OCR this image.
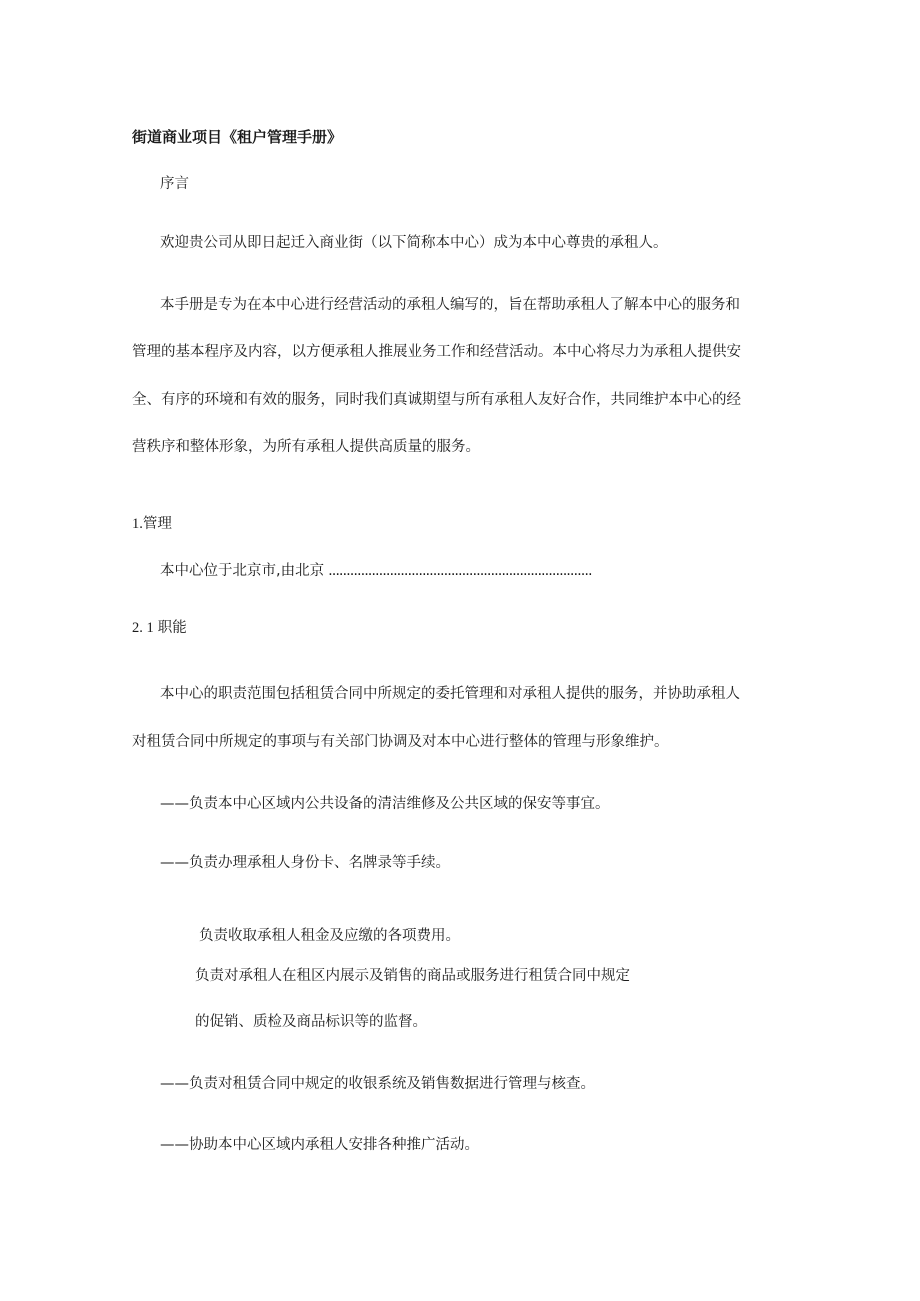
街道商业项目《租户管理手册》

序言

欢迎贵公司从即日起迁入商业街（以下简称本中心）成为本中心尊贵的承租人。

本手册是专为在本中心进行经营活动的承租人编写的，旨在帮助承租人了解本中心的服务和

管理的基本程序及内容，以方便承租人推展业务工作和经营活动。本中心将尽力为承租人提供安

全、有序的环境和有效的服务，同时我们真诚期望与所有承租人友好合作，共同维护本中心的经

营秩序和整体形象，为所有承租人提供高质量的服务。

1.管理

本中心位于北京市,由北京 .........................................................................

2. 1 职能

本中心的职责范围包括租赁合同中所规定的委托管理和对承租人提供的服务，并协助承租人

对租赁合同中所规定的事项与有关部门协调及对本中心进行整体的管理与形象维护。

——负责本中心区域内公共设备的清洁维修及公共区域的保安等事宜。

——负责办理承租人身份卡、名牌录等手续。

负责收取承租人租金及应缴的各项费用。

负责对承租人在租区内展示及销售的商品或服务进行租赁合同中规定

的促销、质检及商品标识等的监督。

——负责对租赁合同中规定的收银系统及销售数据进行管理与核查。

——协助本中心区域内承租人安排各种推广活动。
